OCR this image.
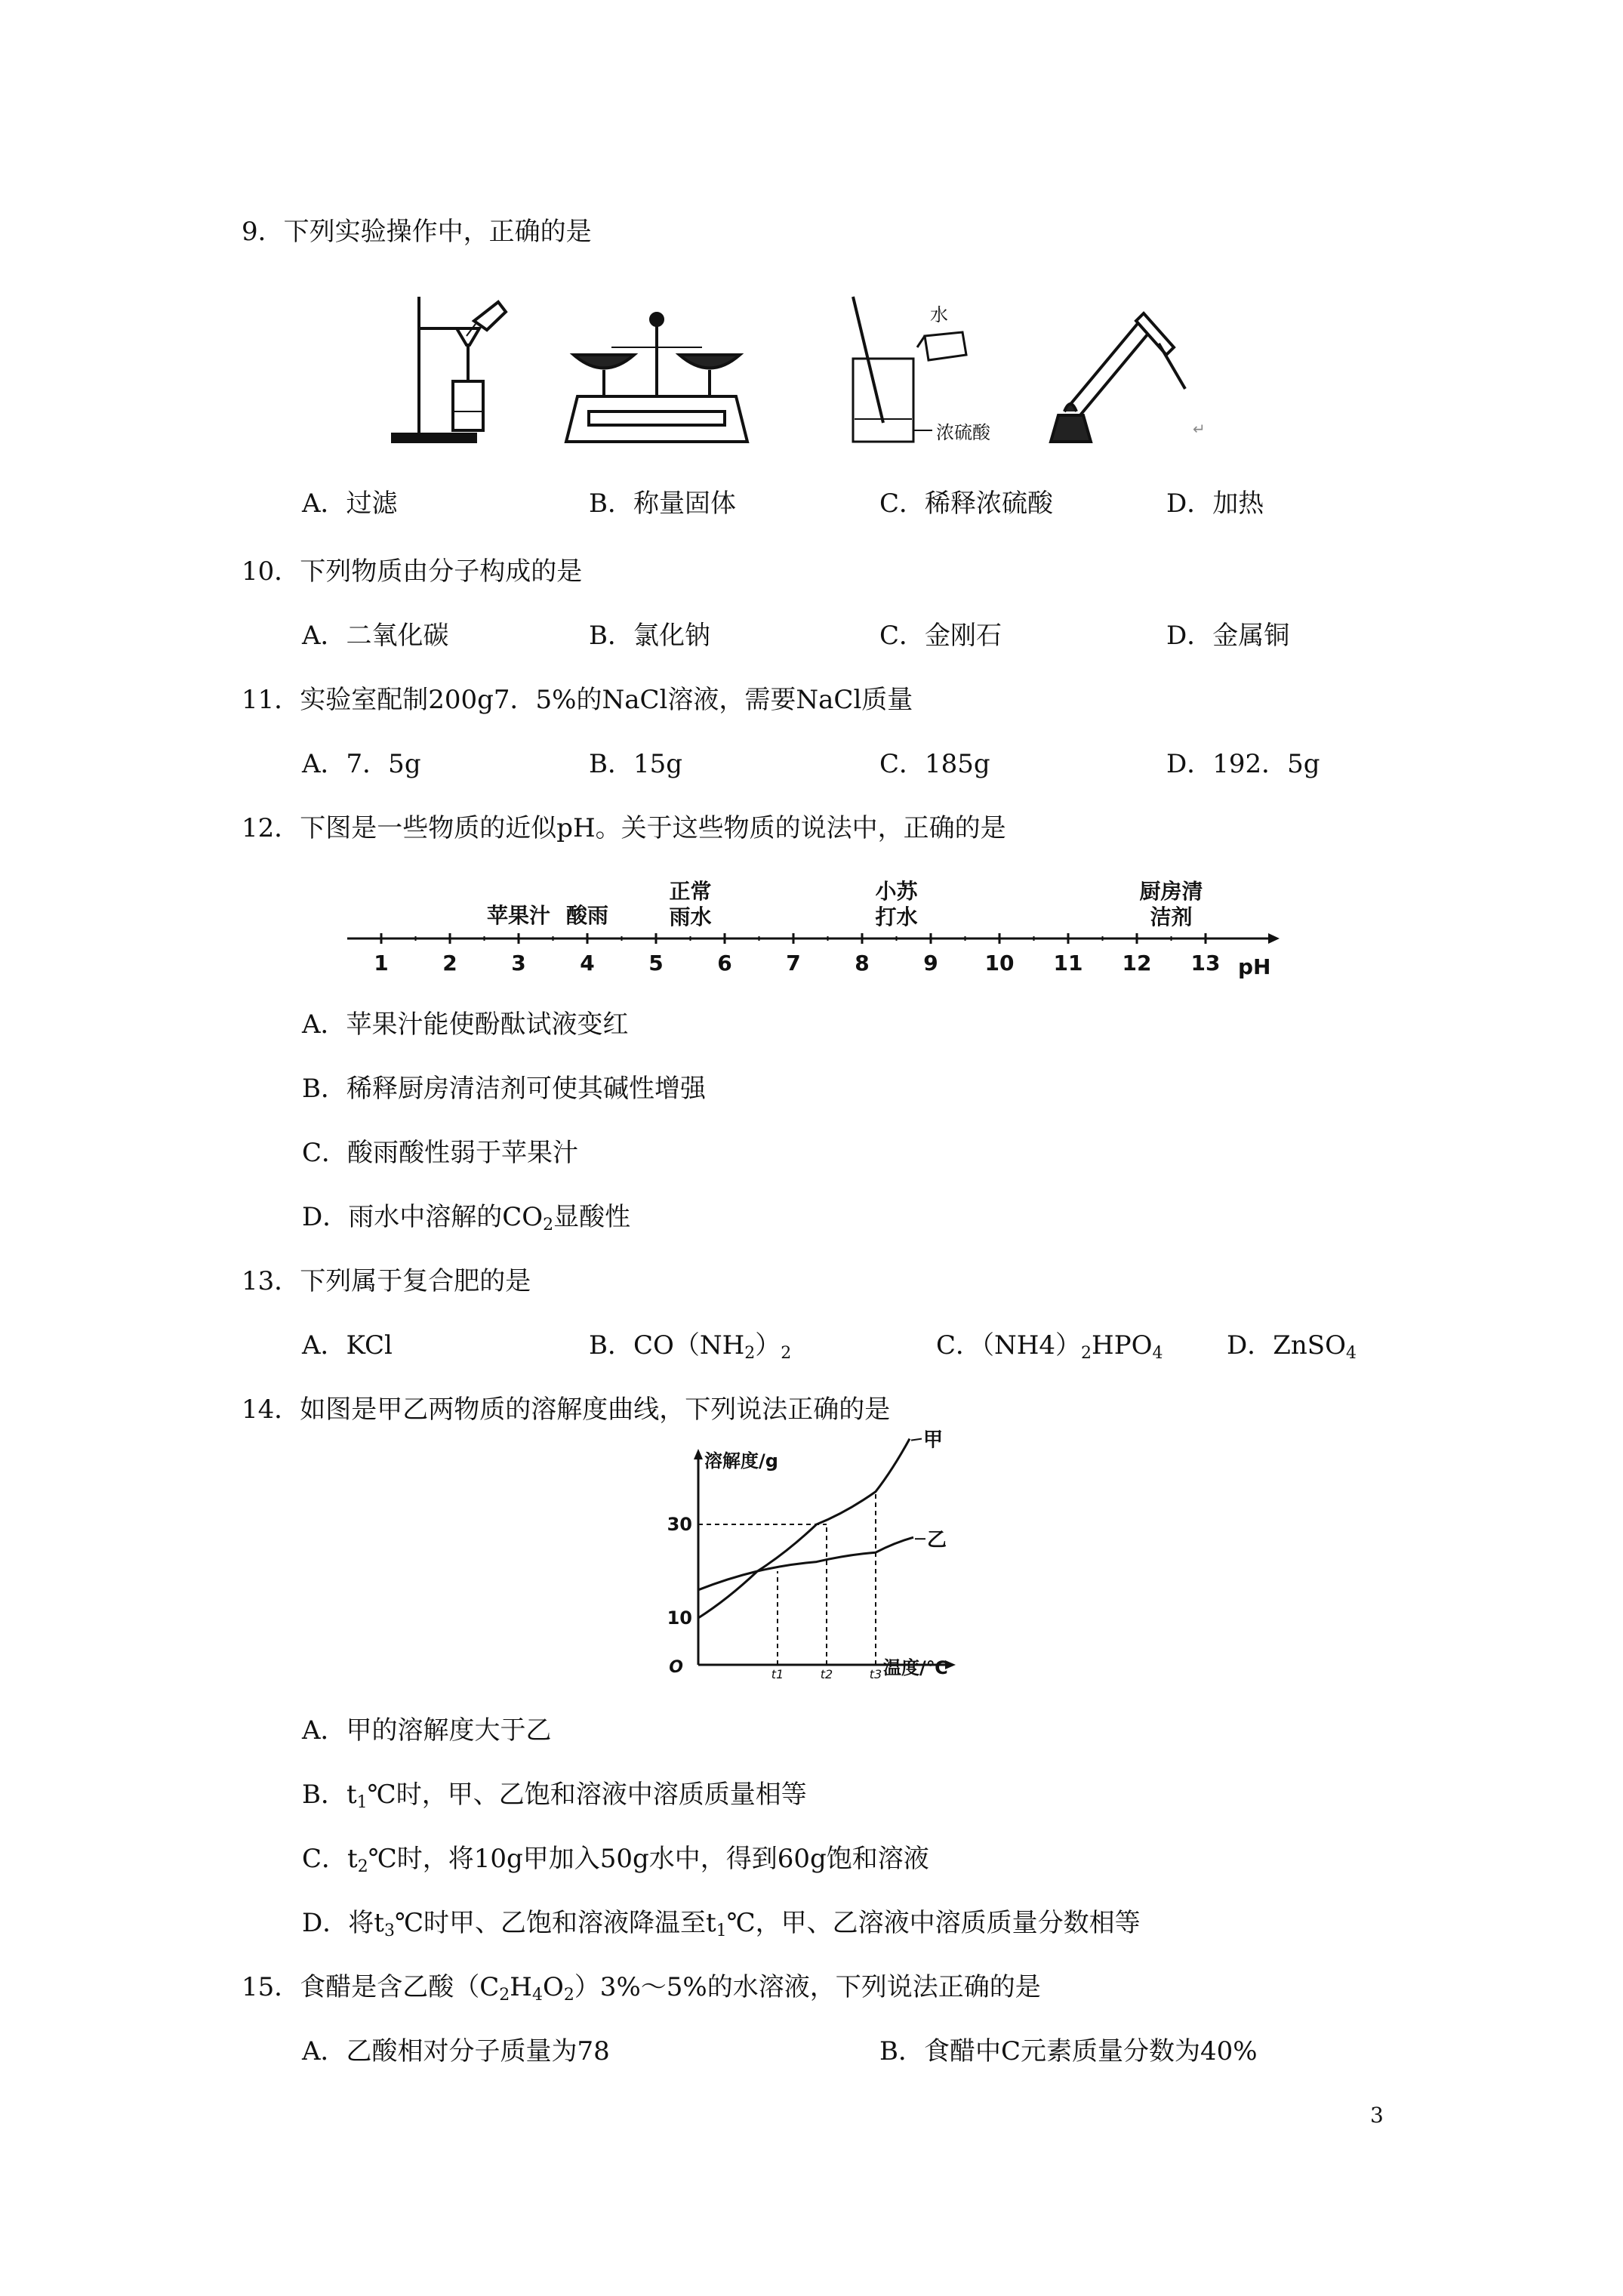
9．下列实验操作中，正确的是
水
浓硫酸	↵
A．过滤	B．称量固体	C．稀释浓硫酸	D．加热
10．下列物质由分子构成的是
A．二氧化碳	B．氯化钠	C．金刚石	D．金属铜
11．实验室配制200g7．5%的NaCl溶液，需要NaCl质量
A．7．5g	B．15g	C．185g	D．192．5g
12．下图是一些物质的近似pH。关于这些物质的说法中，正确的是
1	2	3	4	5	6	7	8	9 10 11 12 13
苹果汁 酸雨
正常
雨水
小苏
打水
厨房清
洁剂
pH
A．苹果汁能使酚酞试液变红
B．稀释厨房清洁剂可使其碱性增强
C．酸雨酸性弱于苹果汁
D．雨水中溶解的$CO_2$显酸性
13．下列属于复合肥的是
A．KCl	B．$CO(NH_2)_2$	C．$(NH4)_2HPO_4$ D．ZnSO$_4$
14．如图是甲乙两物质的溶解度曲线，下列说法正确的是
溶解度/g
O	温度/℃
30
10
t1	t2	t3
甲
乙
A．甲的溶解度大于乙
B．$t_1℃$时，甲、乙饱和溶液中溶质质量相等
C．$t_2℃$时，将10g甲加入50g水中，得到60g饱和溶液
D．将$t_3℃$时甲、乙饱和溶液降温至$t_1℃$，甲、乙溶液中溶质质量分数相等
15．食醋是含乙酸$(C_2H_4O_2)3\%\sim 5\%$的水溶液，下列说法正确的是
A．乙酸相对分子质量为78	B．食醋中C元素质量分数为40%
3
